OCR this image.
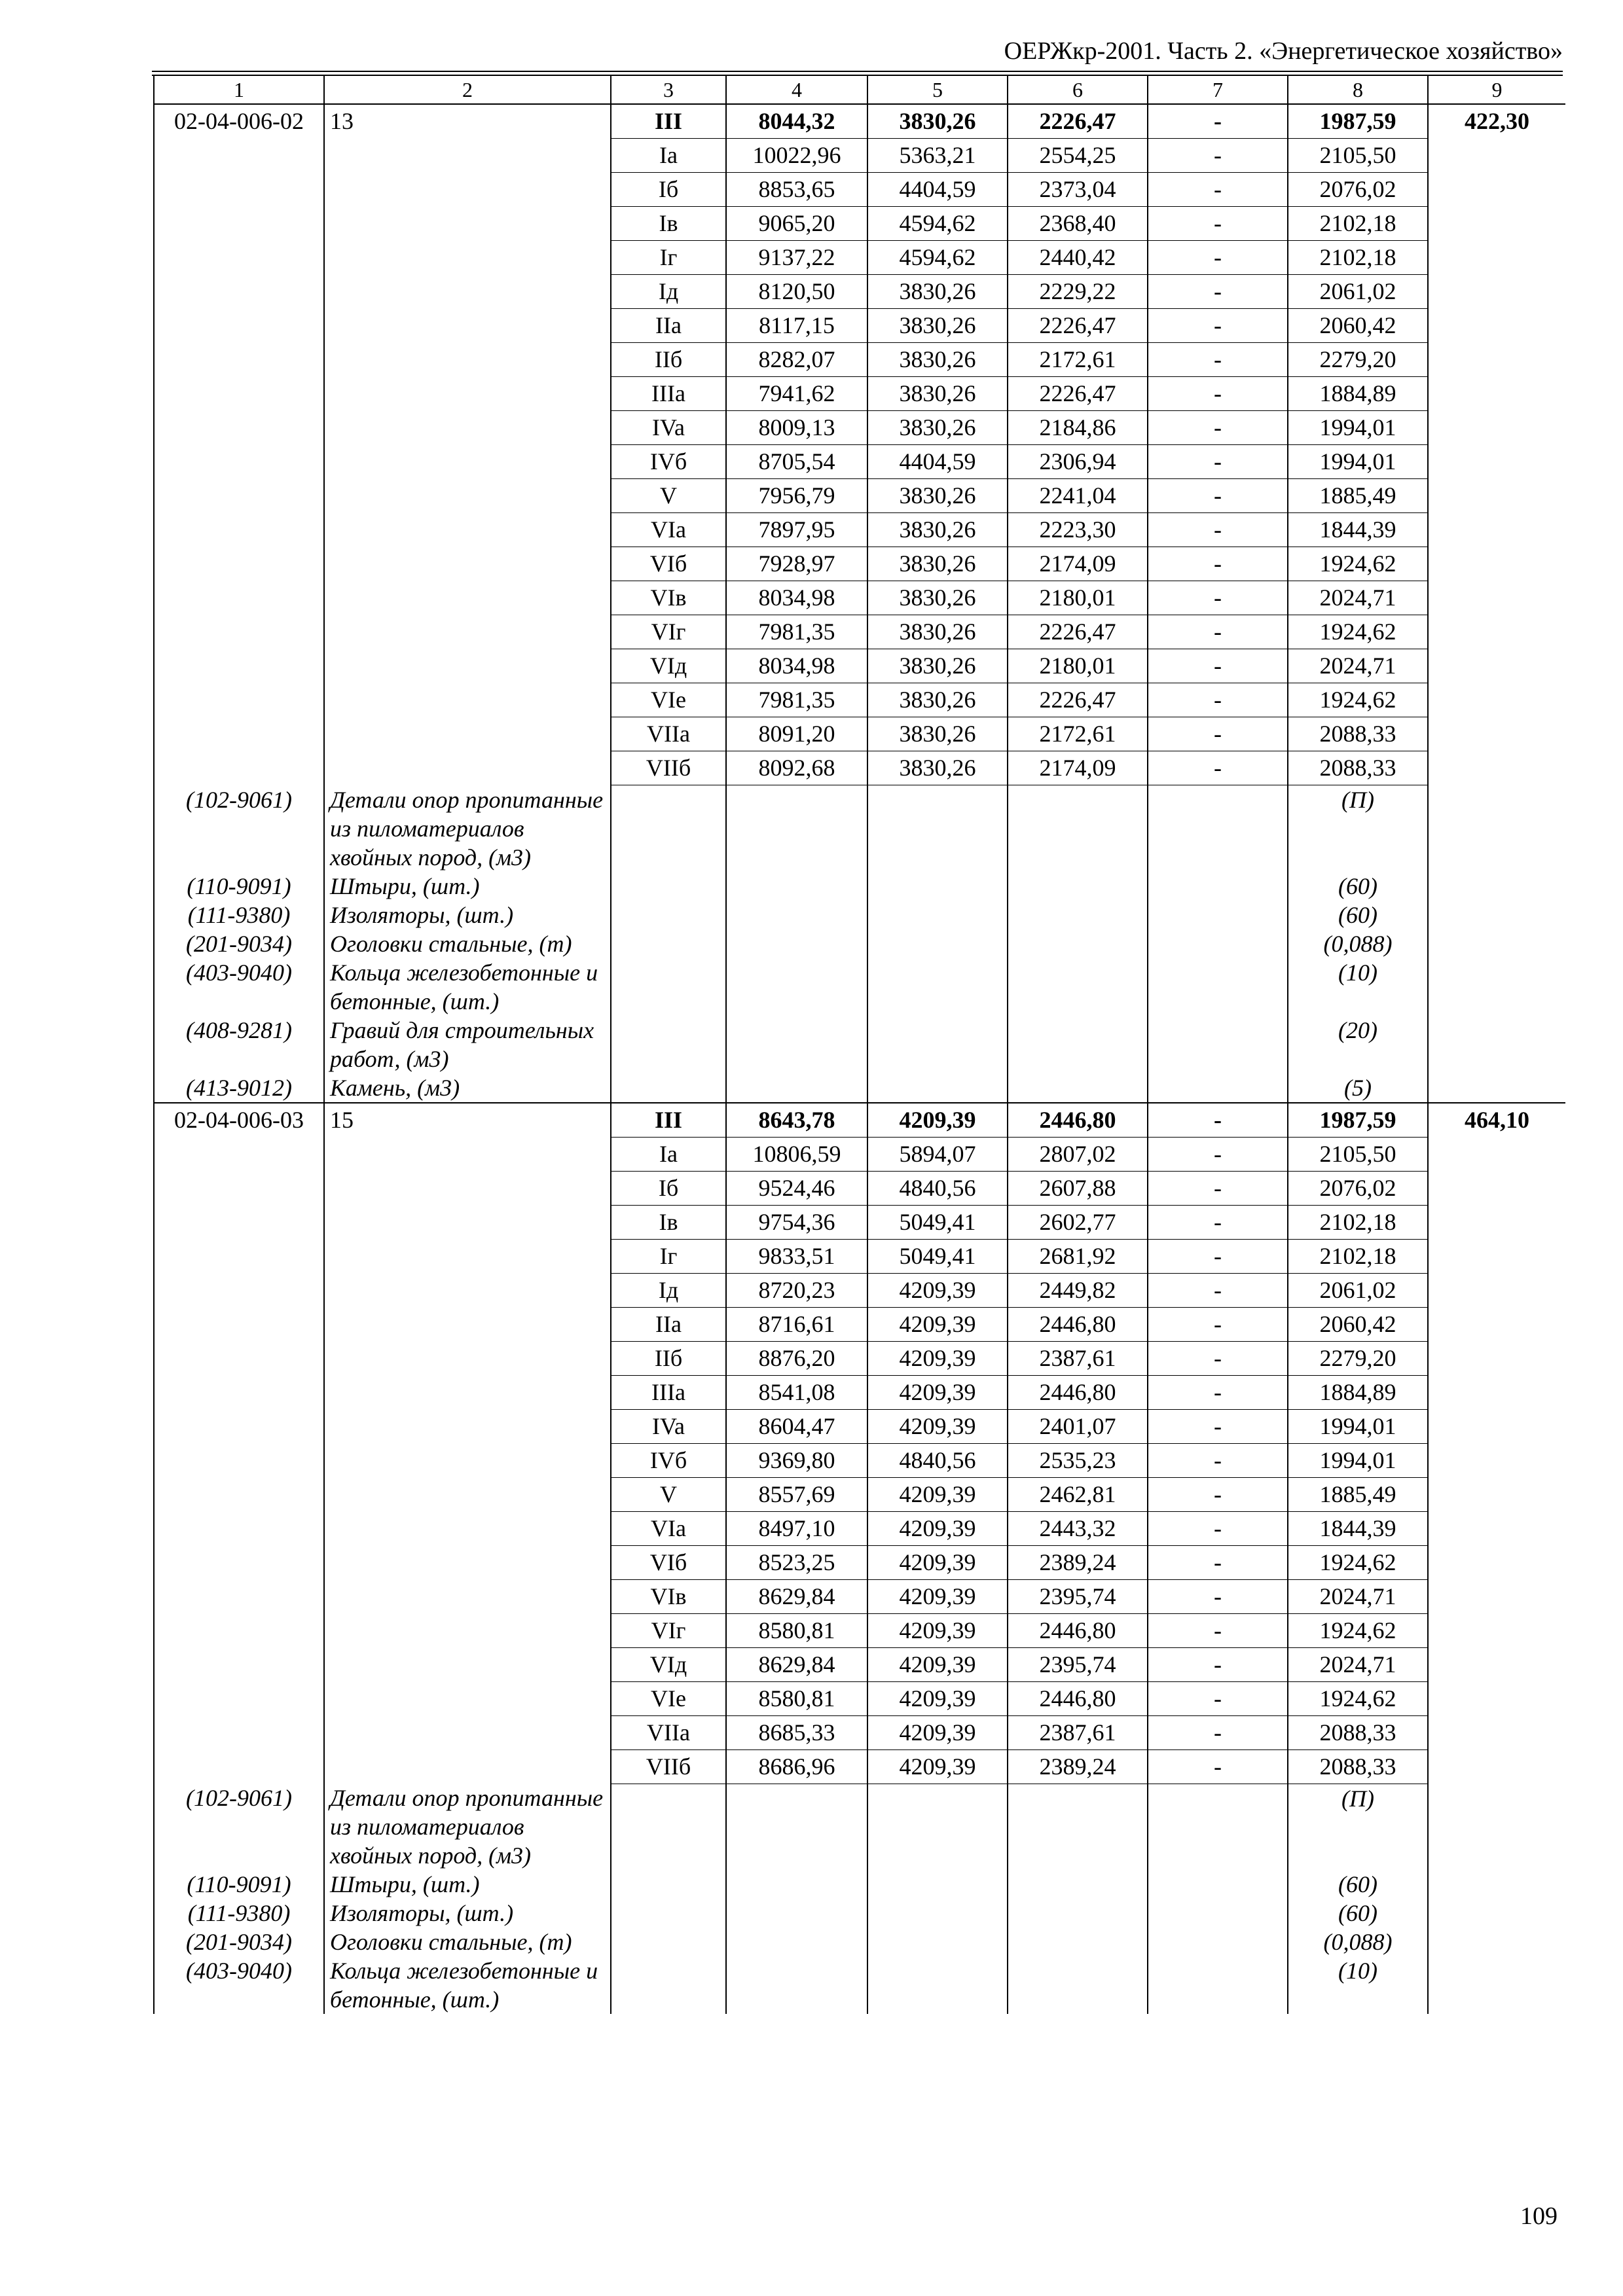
ОЕРЖкр-2001. Часть 2. «Энергетическое хозяйство»
1	2	3	4	5	6	7	8	9
02-04-006-02	13	III	8044,32	3830,26	2226,47	-	1987,59	422,30
		Ia	10022,96	5363,21	2554,25	-	2105,50	
		Iб	8853,65	4404,59	2373,04	-	2076,02	
		Iв	9065,20	4594,62	2368,40	-	2102,18	
		Iг	9137,22	4594,62	2440,42	-	2102,18	
		Iд	8120,50	3830,26	2229,22	-	2061,02	
		IIa	8117,15	3830,26	2226,47	-	2060,42	
		IIб	8282,07	3830,26	2172,61	-	2279,20	
		IIIa	7941,62	3830,26	2226,47	-	1884,89	
		IVa	8009,13	3830,26	2184,86	-	1994,01	
		IVб	8705,54	4404,59	2306,94	-	1994,01	
		V	7956,79	3830,26	2241,04	-	1885,49	
		VIa	7897,95	3830,26	2223,30	-	1844,39	
		VIб	7928,97	3830,26	2174,09	-	1924,62	
		VIв	8034,98	3830,26	2180,01	-	2024,71	
		VIг	7981,35	3830,26	2226,47	-	1924,62	
		VIд	8034,98	3830,26	2180,01	-	2024,71	
		VIe	7981,35	3830,26	2226,47	-	1924,62	
		VIIa	8091,20	3830,26	2172,61	-	2088,33	
		VIIб	8092,68	3830,26	2174,09	-	2088,33	
(102-9061)	Детали опор пропитанные из пиломатериалов хвойных пород, (м3)						(П)	
(110-9091)	Штыри, (шт.)						(60)	
(111-9380)	Изоляторы, (шт.)						(60)	
(201-9034)	Оголовки стальные, (т)						(0,088)	
(403-9040)	Кольца железобетонные и бетонные, (шт.)						(10)	
(408-9281)	Гравий для строительных работ, (м3)						(20)	
(413-9012)	Камень, (м3)						(5)	
02-04-006-03	15	III	8643,78	4209,39	2446,80	-	1987,59	464,10
		Ia	10806,59	5894,07	2807,02	-	2105,50	
		Iб	9524,46	4840,56	2607,88	-	2076,02	
		Iв	9754,36	5049,41	2602,77	-	2102,18	
		Iг	9833,51	5049,41	2681,92	-	2102,18	
		Iд	8720,23	4209,39	2449,82	-	2061,02	
		IIa	8716,61	4209,39	2446,80	-	2060,42	
		IIб	8876,20	4209,39	2387,61	-	2279,20	
		IIIa	8541,08	4209,39	2446,80	-	1884,89	
		IVa	8604,47	4209,39	2401,07	-	1994,01	
		IVб	9369,80	4840,56	2535,23	-	1994,01	
		V	8557,69	4209,39	2462,81	-	1885,49	
		VIa	8497,10	4209,39	2443,32	-	1844,39	
		VIб	8523,25	4209,39	2389,24	-	1924,62	
		VIв	8629,84	4209,39	2395,74	-	2024,71	
		VIг	8580,81	4209,39	2446,80	-	1924,62	
		VIд	8629,84	4209,39	2395,74	-	2024,71	
		VIe	8580,81	4209,39	2446,80	-	1924,62	
		VIIa	8685,33	4209,39	2387,61	-	2088,33	
		VIIб	8686,96	4209,39	2389,24	-	2088,33	
(102-9061)	Детали опор пропитанные из пиломатериалов хвойных пород, (м3)						(П)	
(110-9091)	Штыри, (шт.)						(60)	
(111-9380)	Изоляторы, (шт.)						(60)	
(201-9034)	Оголовки стальные, (т)						(0,088)	
(403-9040)	Кольца железобетонные и бетонные, (шт.)						(10)	
109
